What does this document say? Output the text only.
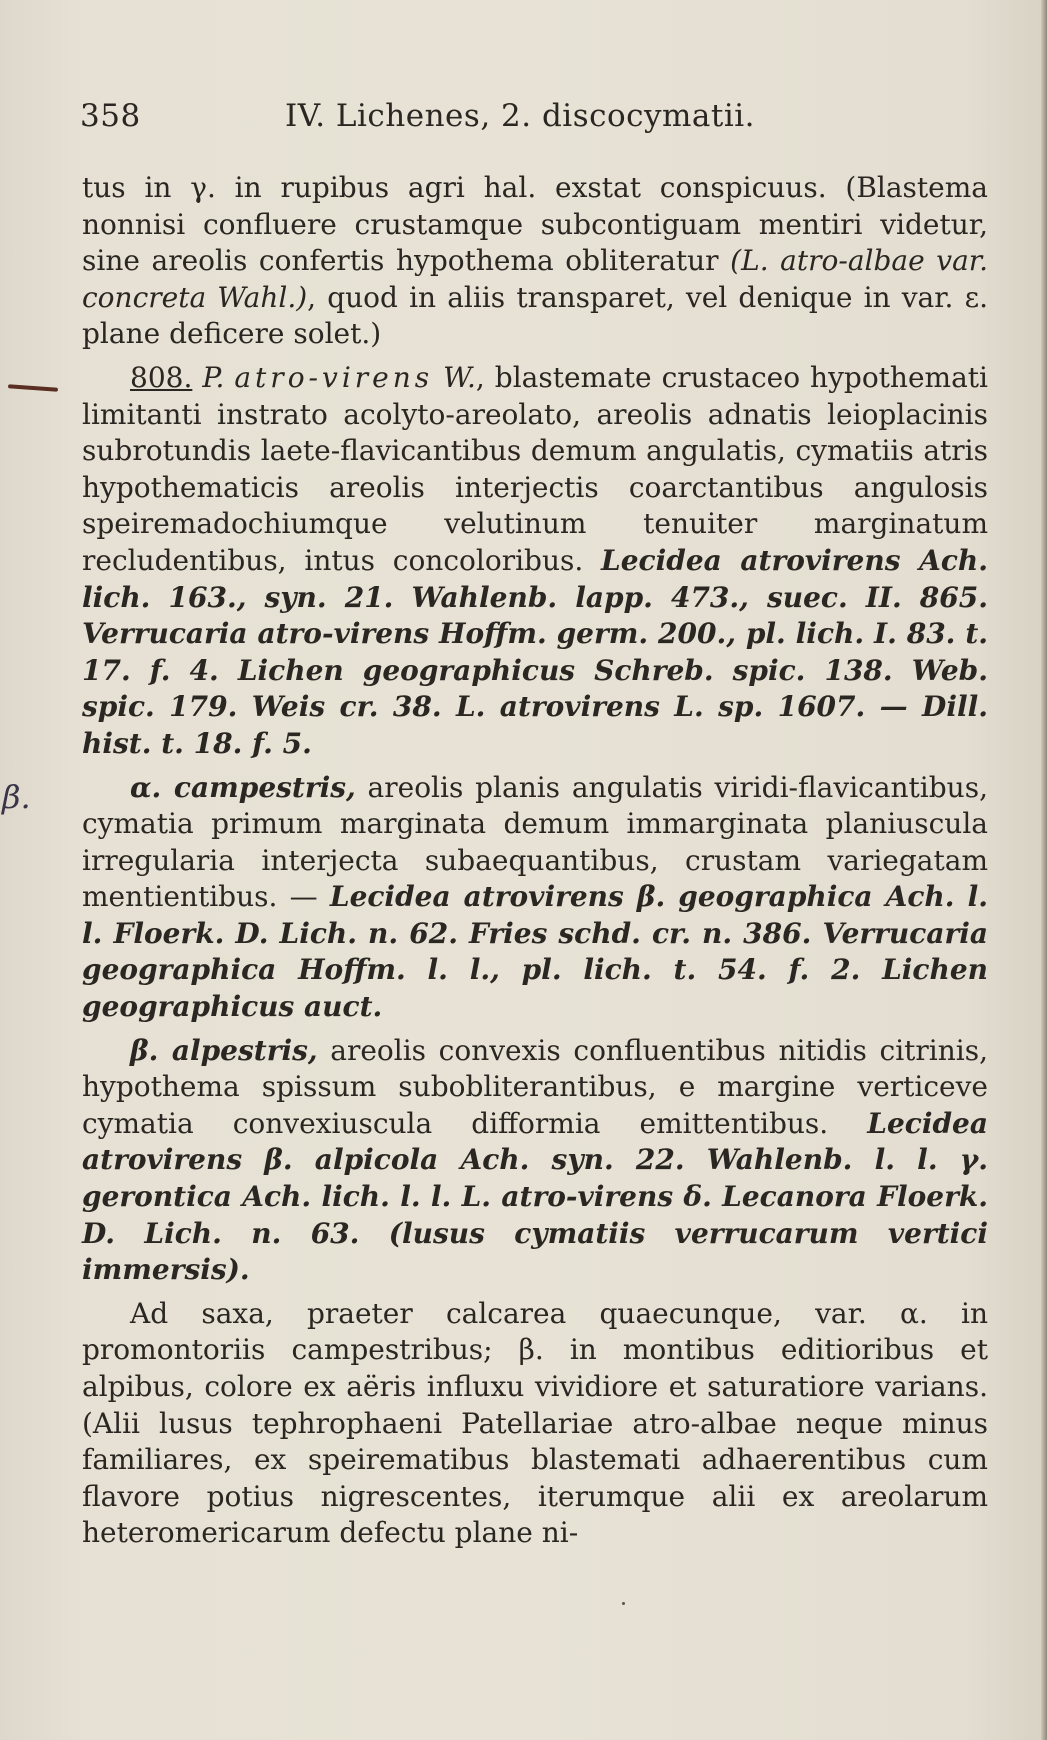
358	IV. Lichenes, 2. discocymatii.
β.

tus in γ. in rupibus agri hal. exstat conspicuus. (Blastema nonnisi confluere crustamque subcontiguam mentiri videtur, sine areolis confertis hypothema obliteratur (L. atro-albae var. concreta Wahl.), quod in aliis transparet, vel denique in var. ε. plane deficere solet.)

808. P. atro-virens W., blastemate crustaceo hypothemati limitanti instrato acolyto-areolato, areolis adnatis leioplacinis subrotundis laete-flavicantibus demum angulatis, cymatiis atris hypothematicis areolis interjectis coarctantibus angulosis speiremadochiumque velutinum tenuiter marginatum recludentibus, intus concoloribus. Lecidea atrovirens Ach. lich. 163., syn. 21. Wahlenb. lapp. 473., suec. II. 865. Verrucaria atro-virens Hoffm. germ. 200., pl. lich. I. 83. t. 17. f. 4. Lichen geographicus Schreb. spic. 138. Web. spic. 179. Weis cr. 38. L. atrovirens L. sp. 1607. — Dill. hist. t. 18. f. 5.

α. campestris, areolis planis angulatis viridi-flavicantibus, cymatia primum marginata demum immarginata planiuscula irregularia interjecta subaequantibus, crustam variegatam mentientibus. — Lecidea atrovirens β. geographica Ach. l. l. Floerk. D. Lich. n. 62. Fries schd. cr. n. 386. Verrucaria geographica Hoffm. l. l., pl. lich. t. 54. f. 2. Lichen geographicus auct.

β. alpestris, areolis convexis confluentibus nitidis citrinis, hypothema spissum subobliterantibus, e margine verticeve cymatia convexiuscula difformia emittentibus. Lecidea atrovirens β. alpicola Ach. syn. 22. Wahlenb. l. l. γ. gerontica Ach. lich. l. l. L. atro-virens δ. Lecanora Floerk. D. Lich. n. 63. (lusus cymatiis verrucarum vertici immersis).

Ad saxa, praeter calcarea quaecunque, var. α. in promontoriis campestribus; β. in montibus editioribus et alpibus, colore ex aëris influxu vividiore et saturatiore varians. (Alii lusus tephrophaeni Patellariae atro-albae neque minus familiares, ex speirematibus blastemati adhaerentibus cum flavore potius nigrescentes, iterumque alii ex areolarum heteromericarum defectu plane ni-
